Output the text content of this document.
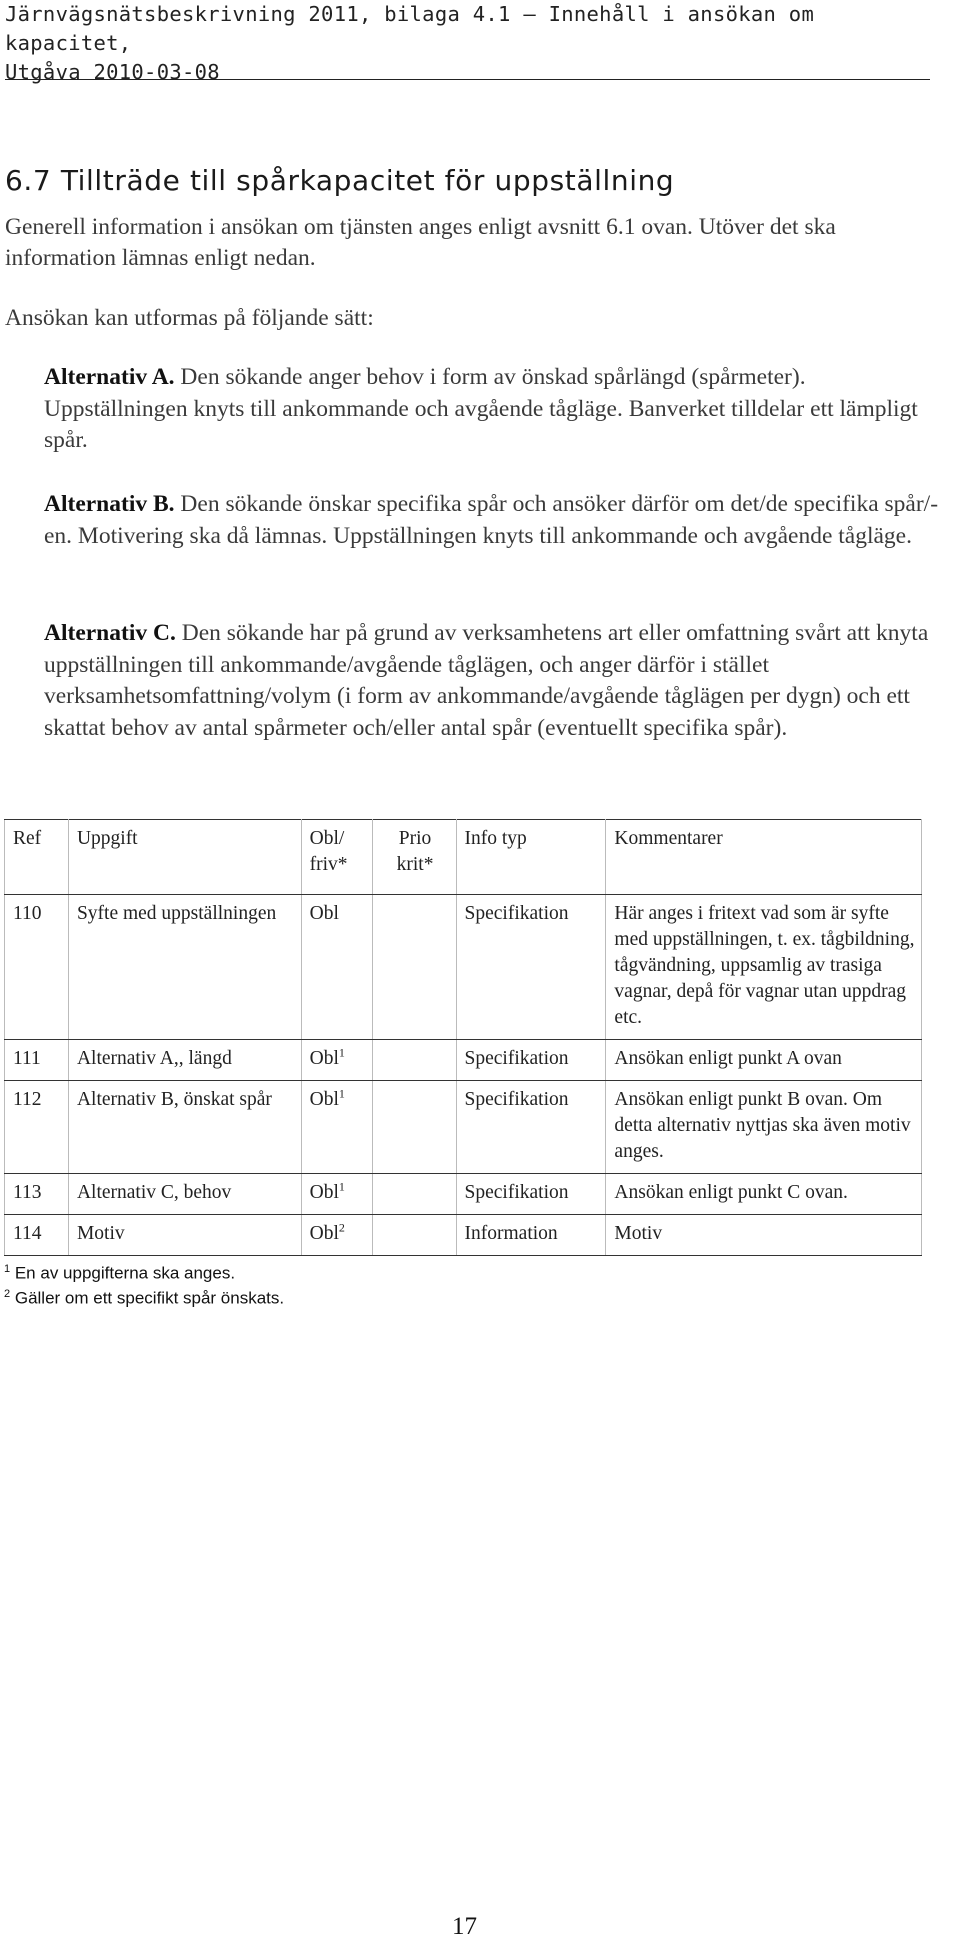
Järnvägsnätsbeskrivning 2011, bilaga 4.1 – Innehåll i ansökan om kapacitet,
Utgåva 2010-03-08
6.7 Tillträde till spårkapacitet för uppställning
Generell information i ansökan om tjänsten anges enligt avsnitt 6.1 ovan. Utöver det ska information lämnas enligt nedan.
Ansökan kan utformas på följande sätt:
Alternativ A. Den sökande anger behov i form av önskad spårlängd (spårmeter). Uppställningen knyts till ankommande och avgående tågläge. Banverket tilldelar ett lämpligt spår.
Alternativ B. Den sökande önskar specifika spår och ansöker därför om det/de specifika spår/-en. Motivering ska då lämnas. Uppställningen knyts till ankommande och avgående tågläge.
Alternativ C. Den sökande har på grund av verksamhetens art eller omfattning svårt att knyta uppställningen till ankommande/avgående tåglägen, och anger därför i stället verksamhetsomfattning/volym (i form av ankommande/avgående tåglägen per dygn) och ett skattat behov av antal spårmeter och/eller antal spår (eventuellt specifika spår).
Ref	Uppgift	Obl/ friv*	Prio krit*	Info typ	Kommentarer
110	Syfte med uppställningen	Obl		Specifikation	Här anges i fritext vad som är syfte med uppställningen, t. ex. tågbildning, tågvändning, uppsamlig av trasiga vagnar, depå för vagnar utan uppdrag etc.
111	Alternativ A,, längd	Obl$^1$		Specifikation	Ansökan enligt punkt A ovan
112	Alternativ B, önskat spår	Obl$^1$		Specifikation	Ansökan enligt punkt B ovan. Om detta alternativ nyttjas ska även motiv anges.
113	Alternativ C, behov	Obl$^1$		Specifikation	Ansökan enligt punkt C ovan.
114	Motiv	Obl$^2$		Information	Motiv
$^1$ En av uppgifterna ska anges.
$^2$ Gäller om ett specifikt spår önskats.
17
